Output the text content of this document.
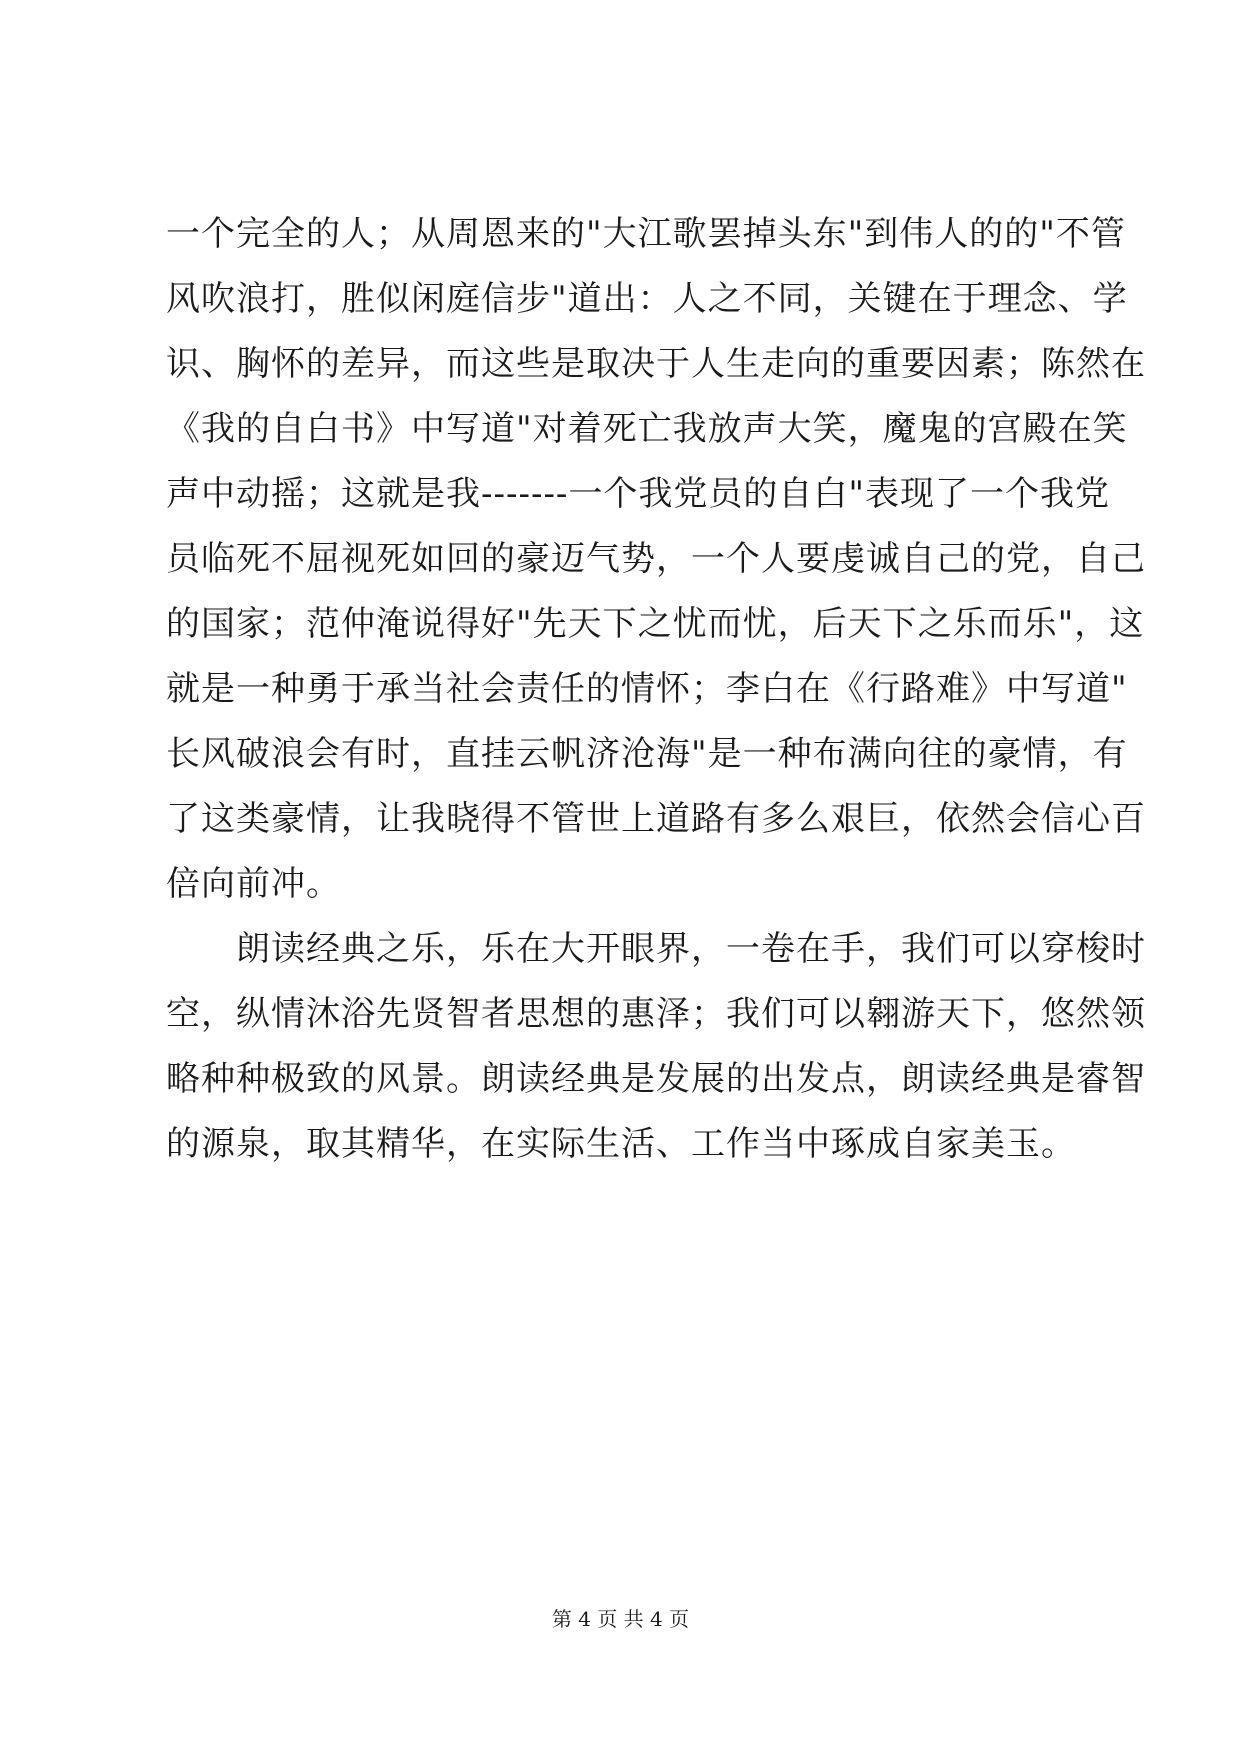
一个完全的人；从周恩来的"大江歌罢掉头东"到伟人的的"不管
风吹浪打，胜似闲庭信步"道出：人之不同，关键在于理念、学
识、胸怀的差异，而这些是取决于人生走向的重要因素；陈然在
《我的自白书》中写道"对着死亡我放声大笑，魔鬼的宫殿在笑
声中动摇；这就是我-------一个我党员的自白"表现了一个我党
员临死不屈视死如回的豪迈气势，一个人要虔诚自己的党，自己
的国家；范仲淹说得好"先天下之忧而忧，后天下之乐而乐"，这
就是一种勇于承当社会责任的情怀；李白在《行路难》中写道"
长风破浪会有时，直挂云帆济沧海"是一种布满向往的豪情，有
了这类豪情，让我晓得不管世上道路有多么艰巨，依然会信心百
倍向前冲。
　　朗读经典之乐，乐在大开眼界，一卷在手，我们可以穿梭时
空，纵情沐浴先贤智者思想的惠泽；我们可以翱游天下，悠然领
略种种极致的风景。朗读经典是发展的出发点，朗读经典是睿智
的源泉，取其精华，在实际生活、工作当中琢成自家美玉。
第 4 页 共 4 页
